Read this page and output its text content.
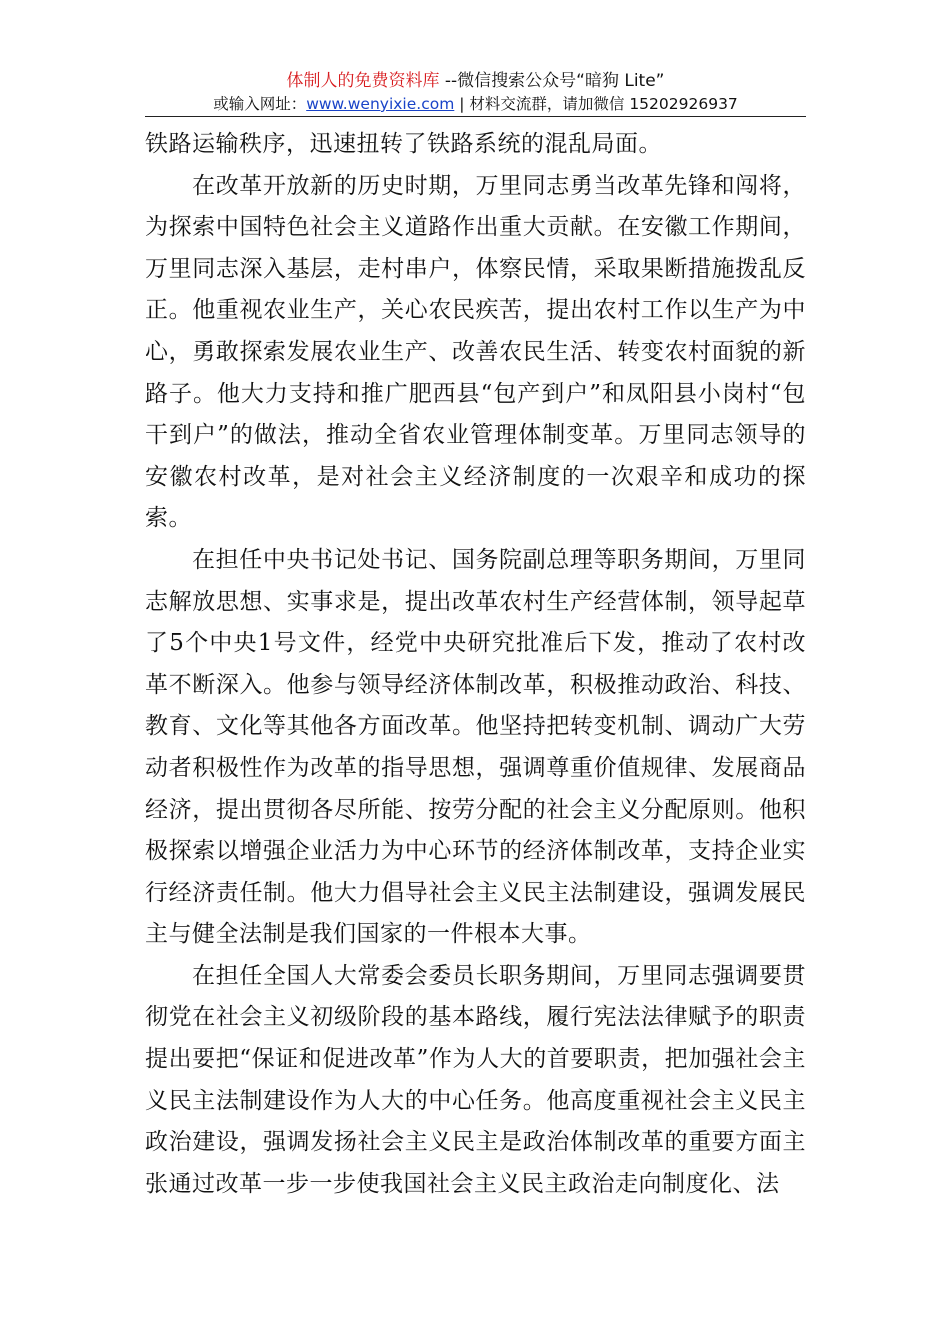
体制人的免费资料库 --微信搜索公众号“暗狗 Lite”
或输入网址：www.wenyixie.com | 材料交流群，请加微信 15202926937

铁路运输秩序，迅速扭转了铁路系统的混乱局面。

在改革开放新的历史时期，万里同志勇当改革先锋和闯将，为探索中国特色社会主义道路作出重大贡献。在安徽工作期间，万里同志深入基层，走村串户，体察民情，采取果断措施拨乱反正。他重视农业生产，关心农民疾苦，提出农村工作以生产为中心，勇敢探索发展农业生产、改善农民生活、转变农村面貌的新路子。他大力支持和推广肥西县“包产到户”和凤阳县小岗村“包干到户”的做法，推动全省农业管理体制变革。万里同志领导的安徽农村改革，是对社会主义经济制度的一次艰辛和成功的探索。

在担任中央书记处书记、国务院副总理等职务期间，万里同志解放思想、实事求是，提出改革农村生产经营体制，领导起草了5个中央1号文件，经党中央研究批准后下发，推动了农村改革不断深入。他参与领导经济体制改革，积极推动政治、科技、教育、文化等其他各方面改革。他坚持把转变机制、调动广大劳动者积极性作为改革的指导思想，强调尊重价值规律、发展商品经济，提出贯彻各尽所能、按劳分配的社会主义分配原则。他积极探索以增强企业活力为中心环节的经济体制改革，支持企业实行经济责任制。他大力倡导社会主义民主法制建设，强调发展民主与健全法制是我们国家的一件根本大事。

在担任全国人大常委会委员长职务期间，万里同志强调要贯彻党在社会主义初级阶段的基本路线，履行宪法法律赋予的职责提出要把“保证和促进改革”作为人大的首要职责，把加强社会主义民主法制建设作为人大的中心任务。他高度重视社会主义民主政治建设，强调发扬社会主义民主是政治体制改革的重要方面主张通过改革一步一步使我国社会主义民主政治走向制度化、法
